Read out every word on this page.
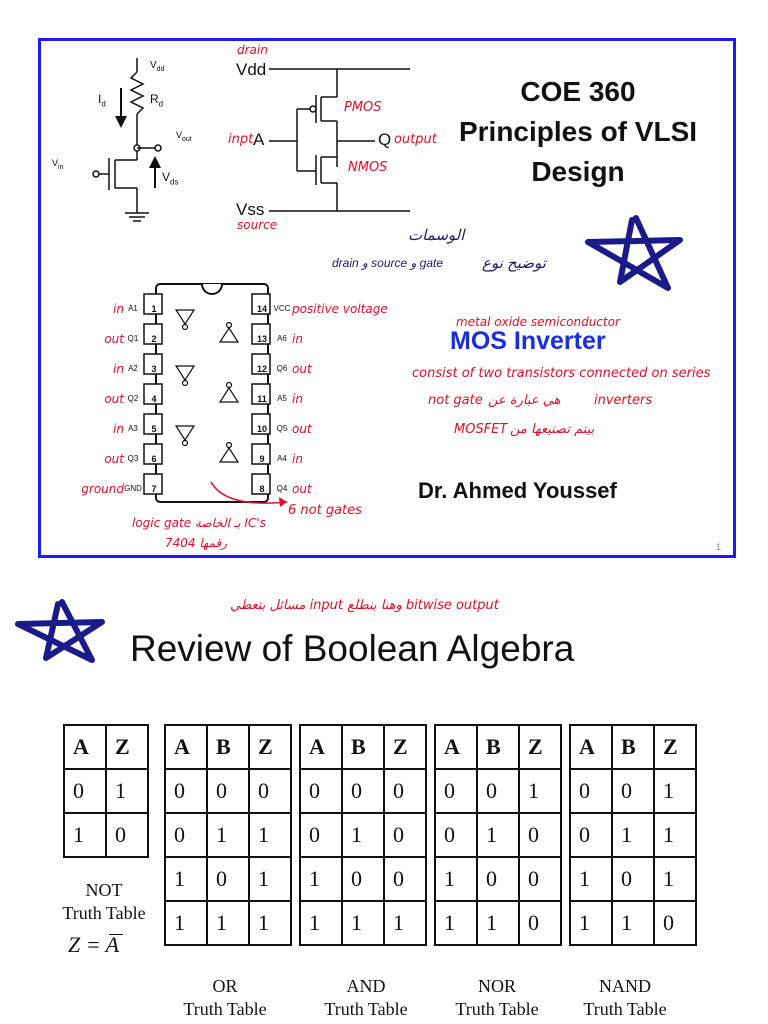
$V_{dd}$
$I_d$	$R_d$
$V_{out}$
$V_{in}$
$V_{ds}$
drain
Vdd
PMOS
inpt A	Q output
NMOS
Vss
source
COE 360
Principles of VLSI
Design
الوسمات
drain و source و gate	توضيح نوع
metal oxide semiconductor
MOS Inverter
consist of two transistors connected on series
not gate هي عبارة عن	inverters
MOSFET بيتم تصنيعها من
Dr. Ahmed Youssef
1
2
3
4
5
6
7
A1
Q1
A2
Q2
A3
Q3
GND
in
out
in
out
in
out
ground
14
13
12
11
10
9
8
VCC
A6
Q6
A5
Q5
A4
Q4
positive voltage
in
out
in
out
in
out
6 not gates
logic gate بـ الخاصة IC's
رقمها 7404	1
مسائل بتعطي input وهنا بنطلع bitwise output
Review of Boolean Algebra
A	Z
0	1
1	0
NOT
Truth Table
Z = A
A	B	Z
0	0	0
0	1	1
1	0	1
1	1	1
OR
Truth Table
A	B	Z
0	0	0
0	1	0
1	0	0
1	1	1
AND
Truth Table
A	B	Z
0	0	1
0	1	0
1	0	0
1	1	0
NOR
Truth Table
A	B	Z
0	0	1
0	1	1
1	0	1
1	1	0
NAND
Truth Table
